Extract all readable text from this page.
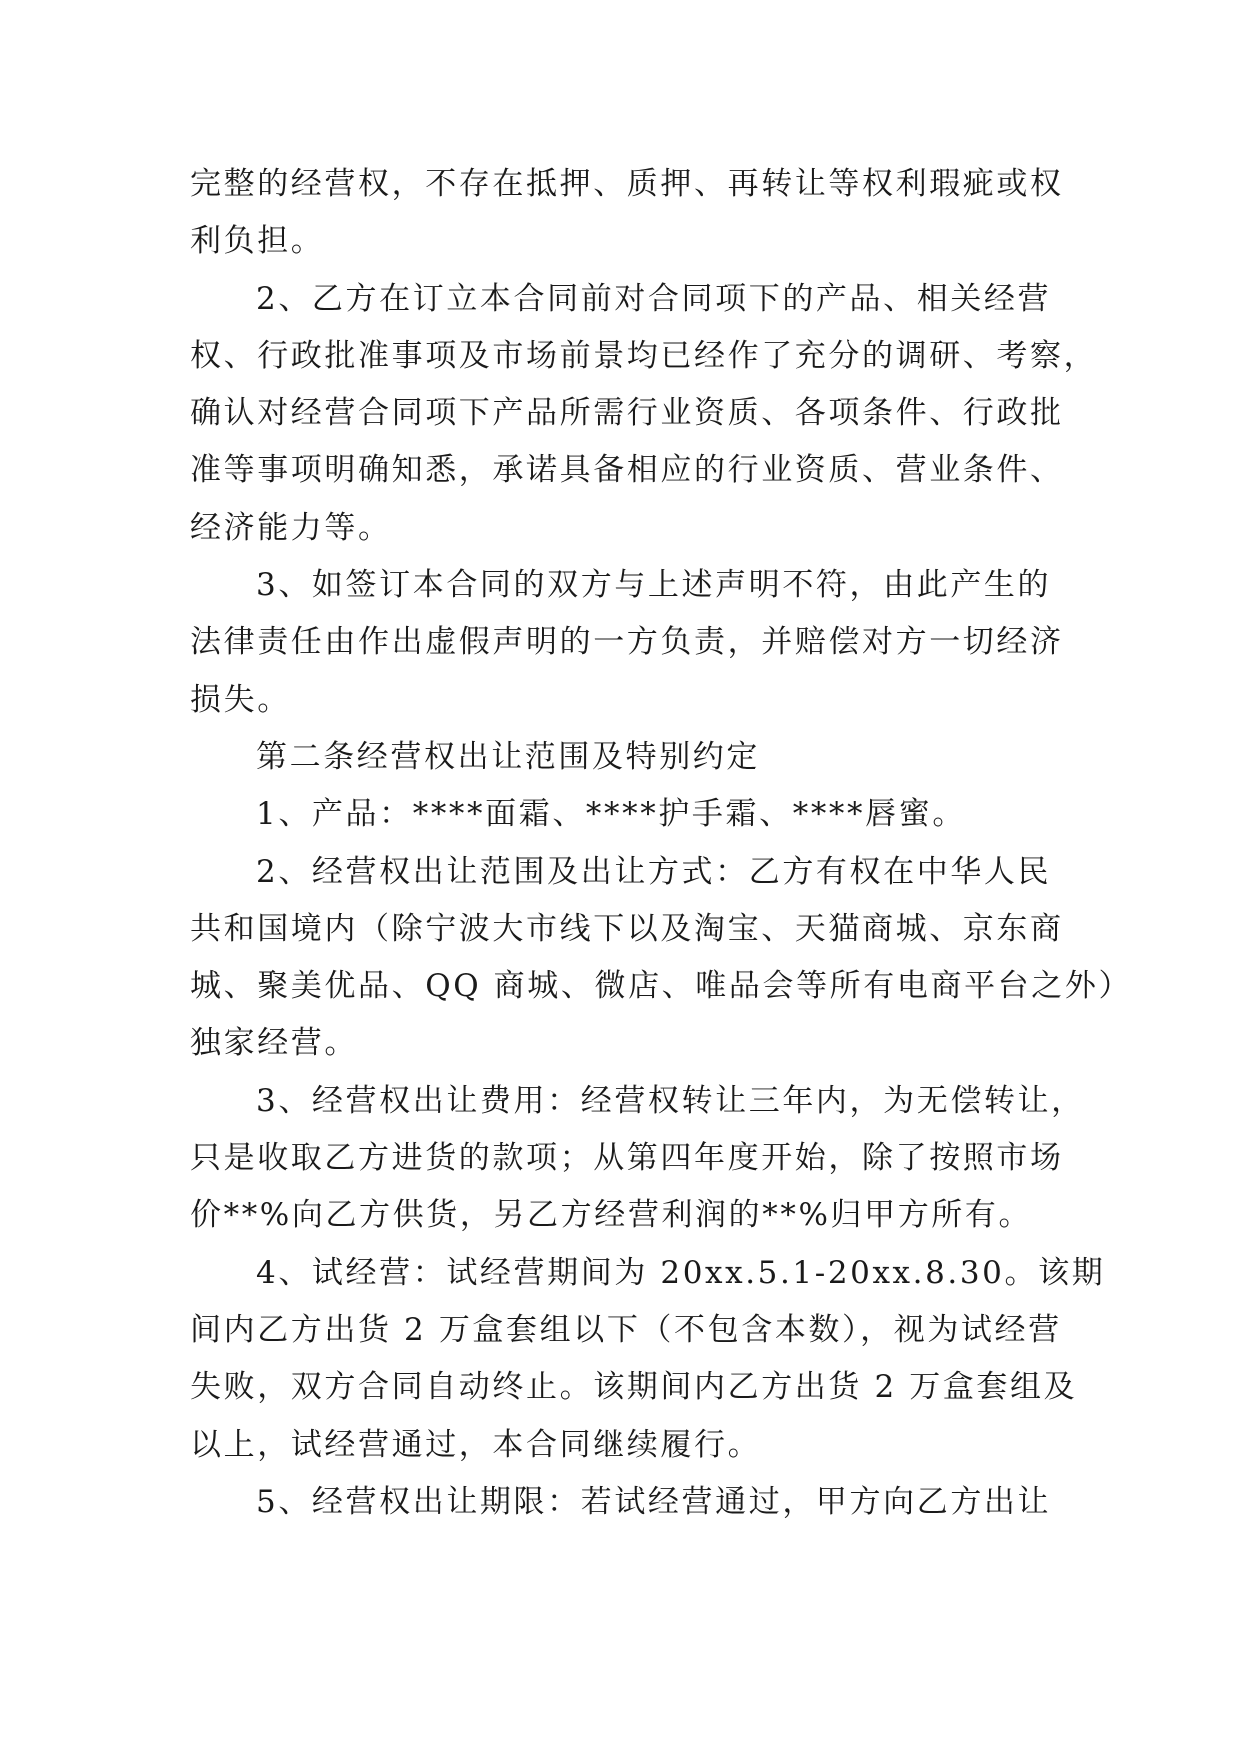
完整的经营权，不存在抵押、质押、再转让等权利瑕疵或权
利负担。
2、乙方在订立本合同前对合同项下的产品、相关经营
权、行政批准事项及市场前景均已经作了充分的调研、考察，
确认对经营合同项下产品所需行业资质、各项条件、行政批
准等事项明确知悉，承诺具备相应的行业资质、营业条件、
经济能力等。
3、如签订本合同的双方与上述声明不符，由此产生的
法律责任由作出虚假声明的一方负责，并赔偿对方一切经济
损失。
第二条经营权出让范围及特别约定
1、产品：****面霜、****护手霜、****唇蜜。
2、经营权出让范围及出让方式：乙方有权在中华人民
共和国境内（除宁波大市线下以及淘宝、天猫商城、京东商
城、聚美优品、QQ 商城、微店、唯品会等所有电商平台之外）
独家经营。
3、经营权出让费用：经营权转让三年内，为无偿转让，
只是收取乙方进货的款项；从第四年度开始，除了按照市场
价**%向乙方供货，另乙方经营利润的**%归甲方所有。
4、试经营：试经营期间为 20xx.5.1-20xx.8.30。该期
间内乙方出货 2 万盒套组以下（不包含本数），视为试经营
失败，双方合同自动终止。该期间内乙方出货 2 万盒套组及
以上，试经营通过，本合同继续履行。
5、经营权出让期限：若试经营通过，甲方向乙方出让
